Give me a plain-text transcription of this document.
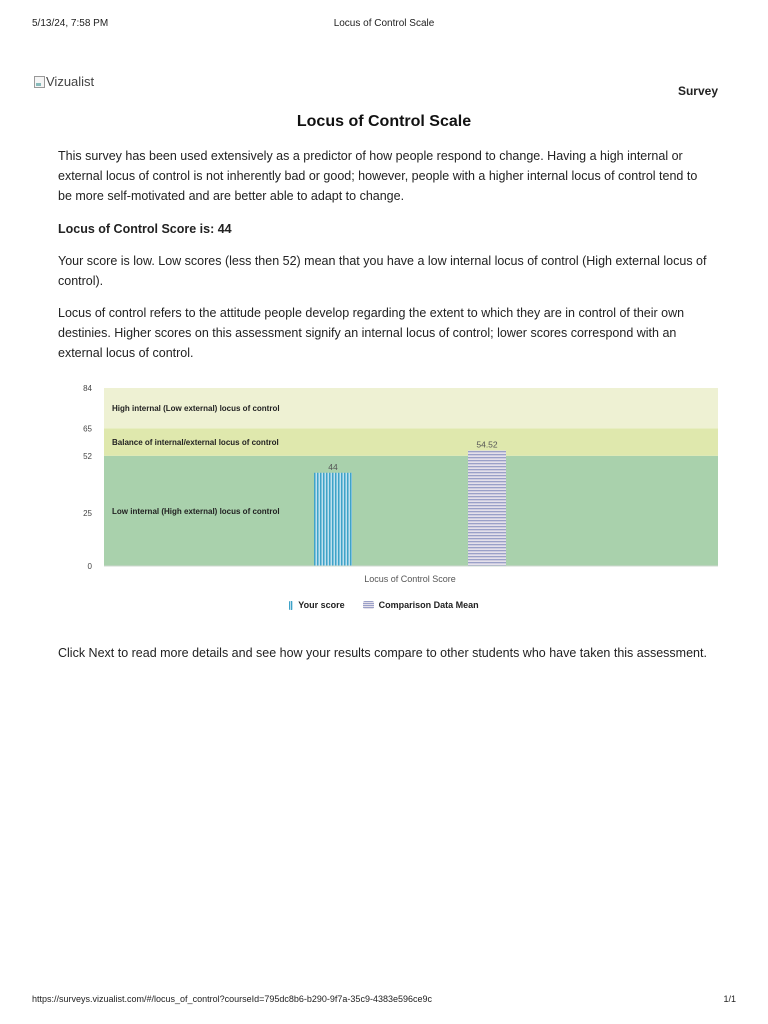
5/13/24, 7:58 PM	Locus of Control Scale
Vizualist
Survey
Locus of Control Scale

This survey has been used extensively as a predictor of how people respond to change. Having a high internal or external locus of control is not inherently bad or good; however, people with a higher internal locus of control tend to be more self-motivated and are better able to adapt to change.

Locus of Control Score is: 44

Your score is low. Low scores (less then 52) mean that you have a low internal locus of control (High external locus of control).

Locus of control refers to the attitude people develop regarding the extent to which they are in control of their own destinies. Higher scores on this assessment signify an internal locus of control; lower scores correspond with an external locus of control.

Low internal (High external) locus of control
Balance of internal/external locus of control
High internal (Low external) locus of control
0
25
52
65
84
44
54.52
Locus of Control Score
Your score	Comparison Data Mean

Click Next to read more details and see how your results compare to other students who have taken this assessment.

https://surveys.vizualist.com/#/locus_of_control?courseId=795dc8b6-b290-9f7a-35c9-4383e596ce9c	1/1
